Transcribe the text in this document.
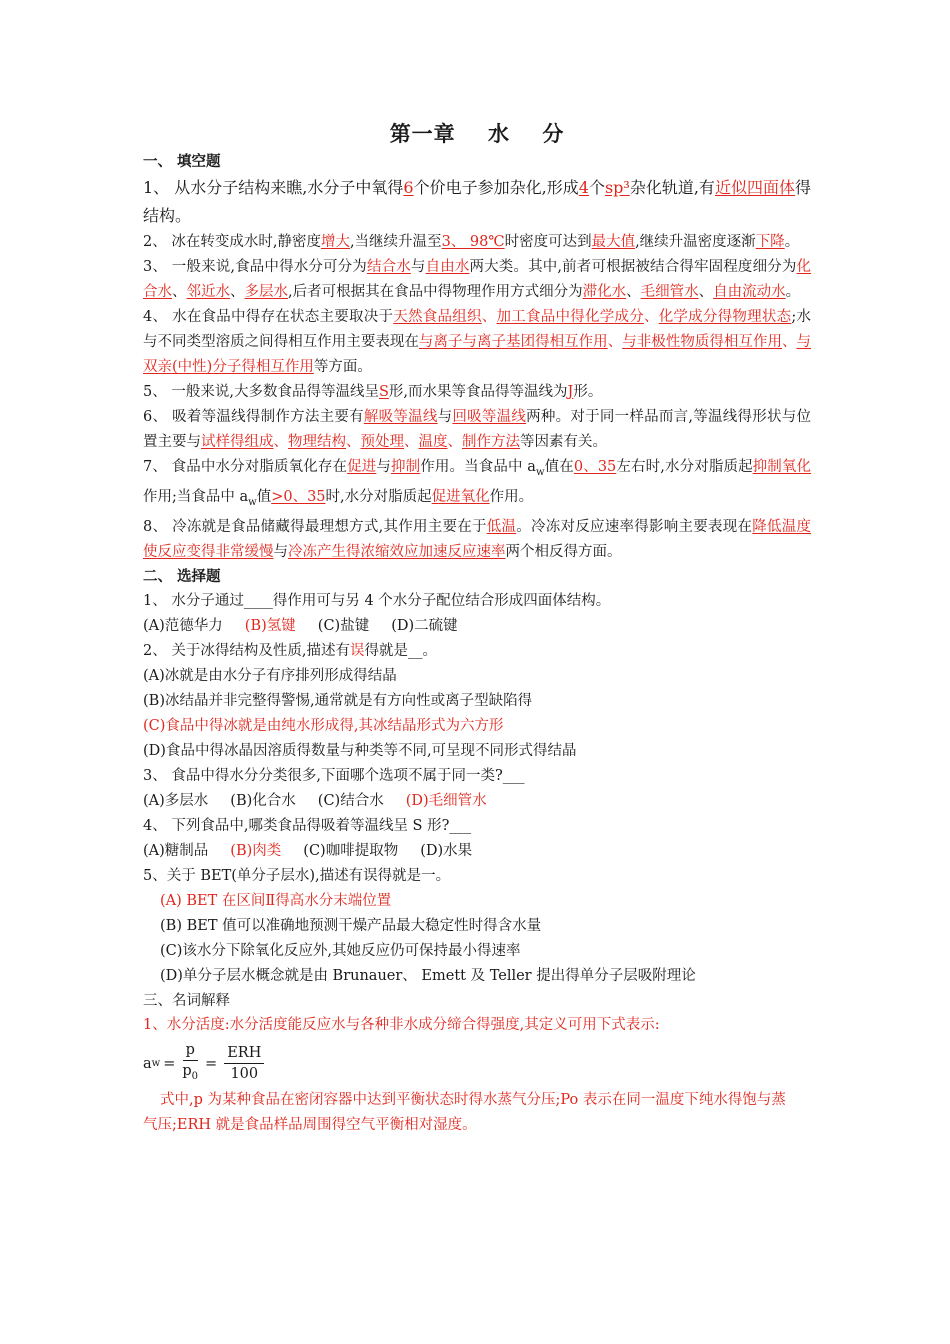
第一章 水 分
一、 填空题

1、 从水分子结构来瞧,水分子中氧得6个价电子参加杂化,形成4个sp³杂化轨道,有近似四面体得结构。

2、 冰在转变成水时,静密度增大,当继续升温至3、 98℃时密度可达到最大值,继续升温密度逐渐下降。

3、 一般来说,食品中得水分可分为结合水与自由水两大类。其中,前者可根据被结合得牢固程度细分为化合水、邻近水、多层水,后者可根据其在食品中得物理作用方式细分为滞化水、毛细管水、自由流动水。

4、 水在食品中得存在状态主要取决于天然食品组织、加工食品中得化学成分、化学成分得物理状态;水与不同类型溶质之间得相互作用主要表现在与离子与离子基团得相互作用、与非极性物质得相互作用、与双亲(中性)分子得相互作用等方面。

5、 一般来说,大多数食品得等温线呈S形,而水果等食品得等温线为J形。

6、 吸着等温线得制作方法主要有解吸等温线与回吸等温线两种。对于同一样品而言,等温线得形状与位置主要与试样得组成、物理结构、预处理、温度、制作方法等因素有关。

7、 食品中水分对脂质氧化存在促进与抑制作用。当食品中 $a_w$值在0、35左右时,水分对脂质起抑制氧化作用;当食品中 $a_w$值>0、35时,水分对脂质起促进氧化作用。

8、 冷冻就是食品储藏得最理想方式,其作用主要在于低温。冷冻对反应速率得影响主要表现在降低温度使反应变得非常缓慢与冷冻产生得浓缩效应加速反应速率两个相反得方面。

二、 选择题

1、 水分子通过____得作用可与另 4 个水分子配位结合形成四面体结构。

(A)范德华力 (B)氢键 (C)盐键 (D)二硫键

2、 关于冰得结构及性质,描述有误得就是__。

(A)冰就是由水分子有序排列形成得结晶

(B)冰结晶并非完整得警惕,通常就是有方向性或离子型缺陷得

(C)食品中得冰就是由纯水形成得,其冰结晶形式为六方形

(D)食品中得冰晶因溶质得数量与种类等不同,可呈现不同形式得结晶

3、 食品中得水分分类很多,下面哪个选项不属于同一类?___

(A)多层水 (B)化合水 (C)结合水 (D)毛细管水

4、 下列食品中,哪类食品得吸着等温线呈 S 形?___

(A)糖制品 (B)肉类 (C)咖啡提取物 (D)水果

5、关于 BET(单分子层水),描述有误得就是一。

(A) BET 在区间Ⅱ得高水分末端位置

(B) BET 值可以准确地预测干燥产品最大稳定性时得含水量

(C)该水分下除氧化反应外,其她反应仍可保持最小得速率

(D)单分子层水概念就是由 Brunauer、 Emett 及 Teller 提出得单分子层吸附理论

三、名词解释

1、水分活度:水分活度能反应水与各种非水成分缔合得强度,其定义可用下式表示:

a $w = \frac{p}{p_0} = \frac{\text{ERH}}{100}$

式中,p 为某种食品在密闭容器中达到平衡状态时得水蒸气分压;Po 表示在同一温度下纯水得饱与蒸

气压;ERH 就是食品样品周围得空气平衡相对湿度。
